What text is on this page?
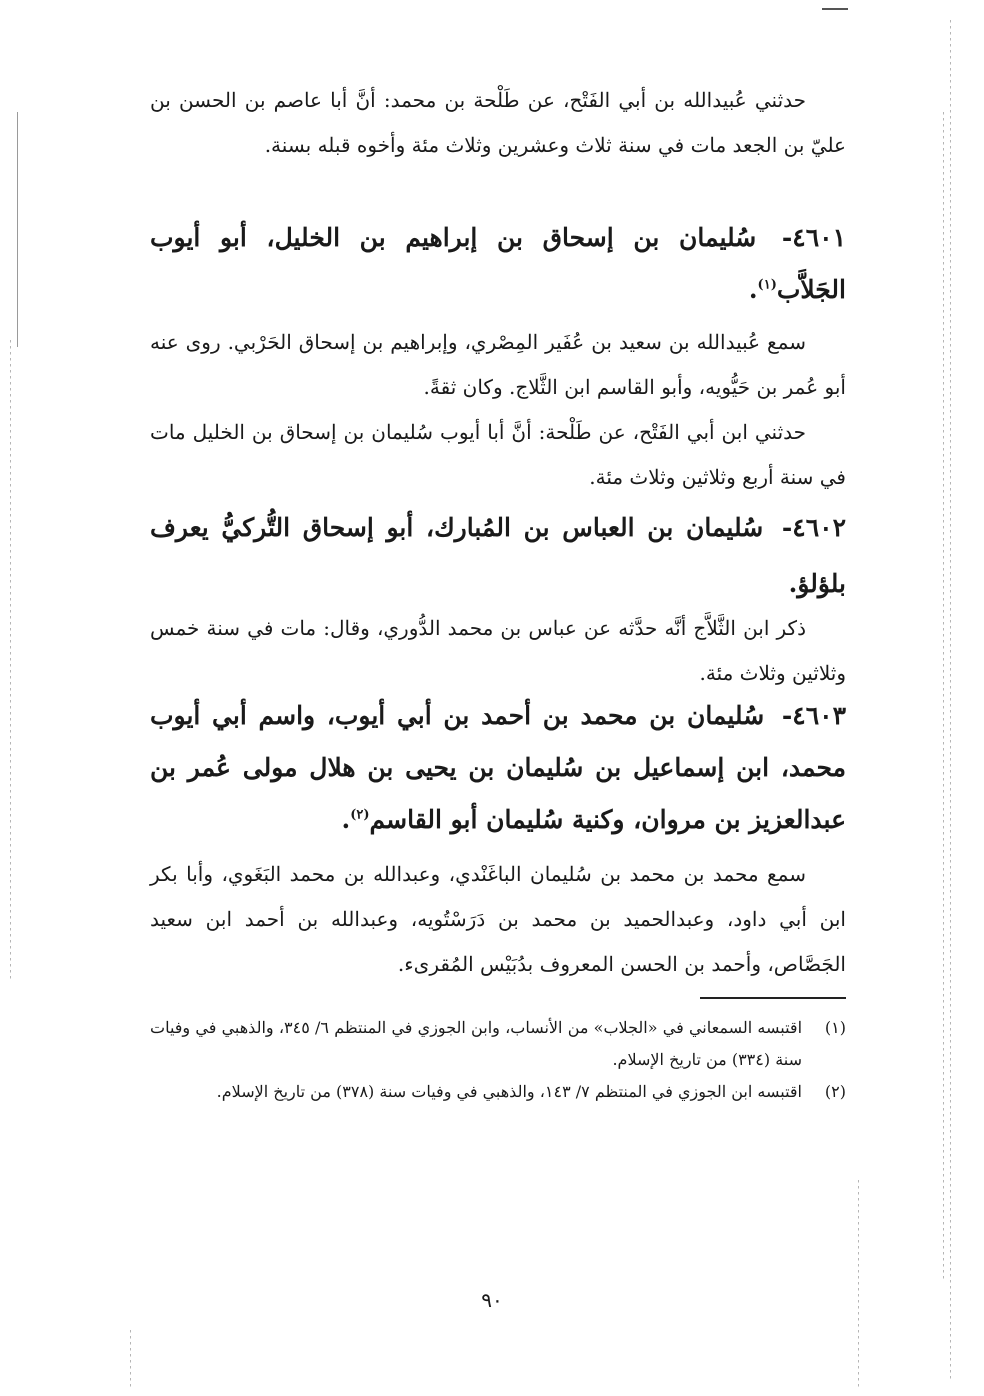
حدثني عُبيدالله بن أبي الفَتْح، عن طَلْحة بن محمد: أنَّ أبا عاصم بن الحسن بن عليّ بن الجعد مات في سنة ثلاث وعشرين وثلاث مئة وأخوه قبله بسنة.

٤٦٠١- سُليمان بن إسحاق بن إبراهيم بن الخليل، أبو أيوب الجَلاَّب$^{(١)}$.

سمع عُبيدالله بن سعيد بن عُفَير المِصْري، وإبراهيم بن إسحاق الحَرْبي. روى عنه أبو عُمر بن حَيُّويه، وأبو القاسم ابن الثَّلاج. وكان ثقةً.

حدثني ابن أبي الفَتْح، عن طَلْحة: أنَّ أبا أيوب سُليمان بن إسحاق بن الخليل مات في سنة أربع وثلاثين وثلاث مئة.

٤٦٠٢- سُليمان بن العباس بن المُبارك، أبو إسحاق التُّركيُّ يعرف بلؤلؤ.

ذكر ابن الثَّلاَّج أنَّه حدَّثه عن عباس بن محمد الدُّوري، وقال: مات في سنة خمس وثلاثين وثلاث مئة.

٤٦٠٣- سُليمان بن محمد بن أحمد بن أبي أيوب، واسم أبي أيوب محمد، ابن إسماعيل بن سُليمان بن يحيى بن هلال مولى عُمر بن عبدالعزيز بن مروان، وكنية سُليمان أبو القاسم$^{(٢)}$.

سمع محمد بن محمد بن سُليمان الباغَنْدي، وعبدالله بن محمد البَغَوي، وأبا بكر ابن أبي داود، وعبدالحميد بن محمد بن دَرَسْتُويه، وعبدالله بن أحمد ابن سعيد الجَصَّاص، وأحمد بن الحسن المعروف بدُبَيْس المُقرىء.

(١)
اقتبسه السمعاني في «الجلاب» من الأنساب، وابن الجوزي في المنتظم ٦/ ٣٤٥، والذهبي في وفيات سنة (٣٣٤) من تاريخ الإسلام.
(٢)
اقتبسه ابن الجوزي في المنتظم ٧/ ١٤٣، والذهبي في وفيات سنة (٣٧٨) من تاريخ الإسلام.
٩٠
